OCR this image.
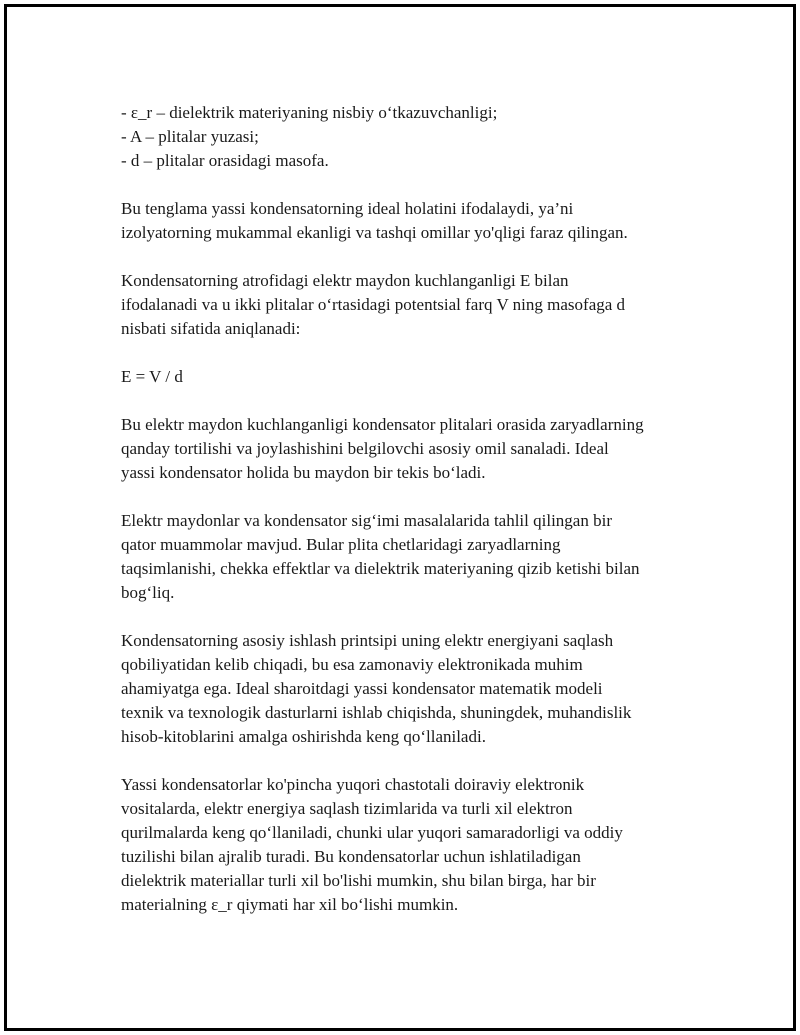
- ε_r – dielektrik materiyaning nisbiy o‘tkazuvchanligi;
- A – plitalar yuzasi;
- d – plitalar orasidagi masofa.

Bu tenglama yassi kondensatorning ideal holatini ifodalaydi, ya’ni
izolyatorning mukammal ekanligi va tashqi omillar yo'qligi faraz qilingan.

Kondensatorning atrofidagi elektr maydon kuchlanganligi E bilan
ifodalanadi va u ikki plitalar o‘rtasidagi potentsial farq V ning masofaga d
nisbati sifatida aniqlanadi:

E = V / d

Bu elektr maydon kuchlanganligi kondensator plitalari orasida zaryadlarning
qanday tortilishi va joylashishini belgilovchi asosiy omil sanaladi. Ideal
yassi kondensator holida bu maydon bir tekis bo‘ladi.

Elektr maydonlar va kondensator sig‘imi masalalarida tahlil qilingan bir
qator muammolar mavjud. Bular plita chetlaridagi zaryadlarning
taqsimlanishi, chekka effektlar va dielektrik materiyaning qizib ketishi bilan
bog‘liq.

Kondensatorning asosiy ishlash printsipi uning elektr energiyani saqlash
qobiliyatidan kelib chiqadi, bu esa zamonaviy elektronikada muhim
ahamiyatga ega. Ideal sharoitdagi yassi kondensator matematik modeli
texnik va texnologik dasturlarni ishlab chiqishda, shuningdek, muhandislik
hisob-kitoblarini amalga oshirishda keng qo‘llaniladi.

Yassi kondensatorlar ko'pincha yuqori chastotali doiraviy elektronik
vositalarda, elektr energiya saqlash tizimlarida va turli xil elektron
qurilmalarda keng qo‘llaniladi, chunki ular yuqori samaradorligi va oddiy
tuzilishi bilan ajralib turadi. Bu kondensatorlar uchun ishlatiladigan
dielektrik materiallar turli xil bo'lishi mumkin, shu bilan birga, har bir
materialning ε_r qiymati har xil bo‘lishi mumkin.
